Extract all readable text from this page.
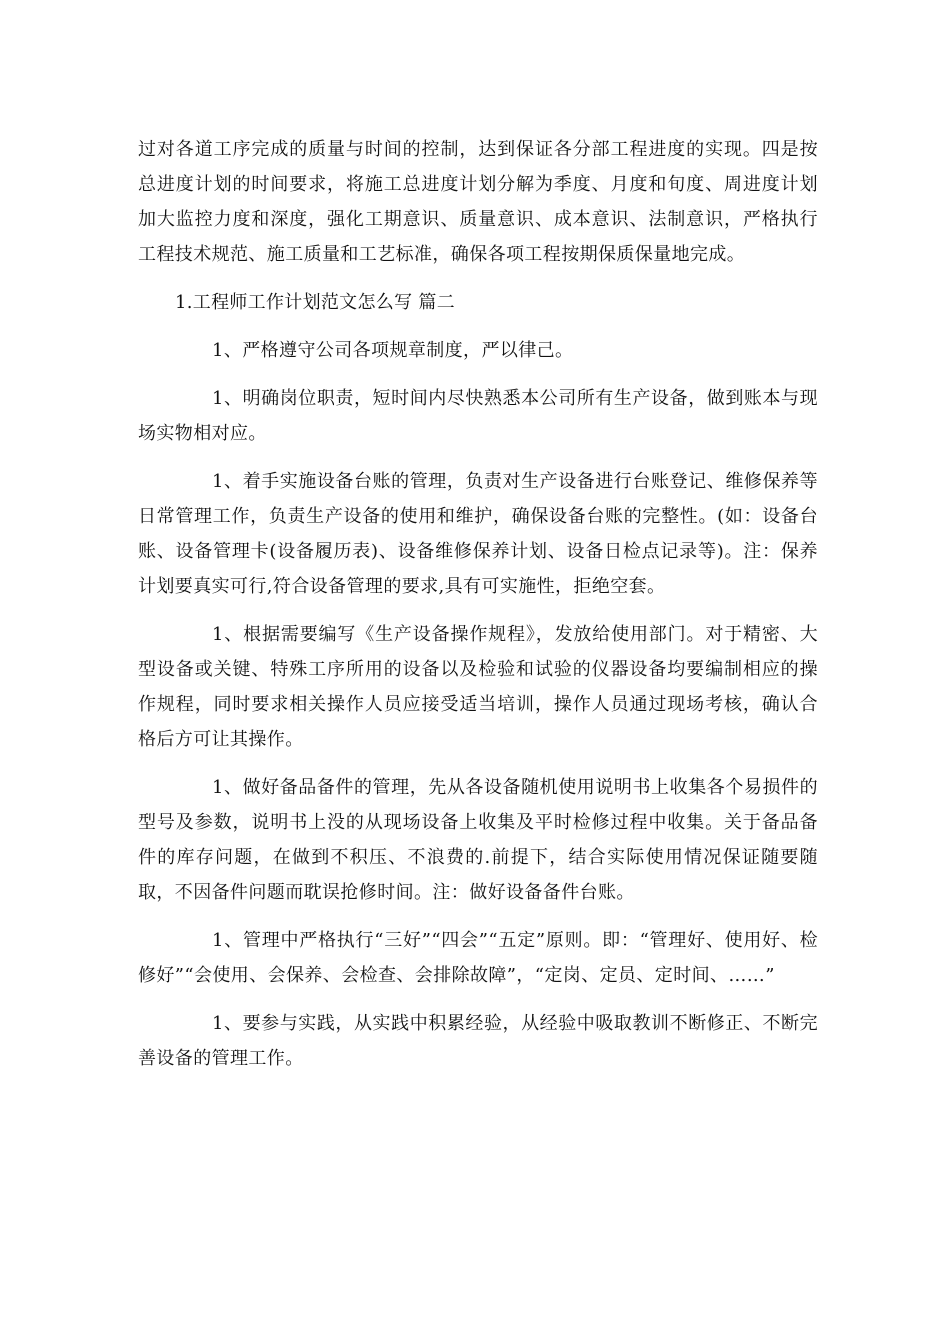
过对各道工序完成的质量与时间的控制，达到保证各分部工程进度的实现。四是按总进度计划的时间要求，将施工总进度计划分解为季度、月度和旬度、周进度计划加大监控力度和深度，强化工期意识、质量意识、成本意识、法制意识，严格执行工程技术规范、施工质量和工艺标准，确保各项工程按期保质保量地完成。

1.工程师工作计划范文怎么写 篇二

1、严格遵守公司各项规章制度，严以律己。

1、明确岗位职责，短时间内尽快熟悉本公司所有生产设备，做到账本与现场实物相对应。

1、着手实施设备台账的管理，负责对生产设备进行台账登记、维修保养等日常管理工作，负责生产设备的使用和维护，确保设备台账的完整性。(如：设备台账、设备管理卡(设备履历表)、设备维修保养计划、设备日检点记录等)。注：保养计划要真实可行,符合设备管理的要求,具有可实施性，拒绝空套。

1、根据需要编写《生产设备操作规程》，发放给使用部门。对于精密、大型设备或关键、特殊工序所用的设备以及检验和试验的仪器设备均要编制相应的操作规程，同时要求相关操作人员应接受适当培训，操作人员通过现场考核，确认合格后方可让其操作。

1、做好备品备件的管理，先从各设备随机使用说明书上收集各个易损件的型号及参数，说明书上没的从现场设备上收集及平时检修过程中收集。关于备品备件的库存问题，在做到不积压、不浪费的.前提下，结合实际使用情况保证随要随取，不因备件问题而耽误抢修时间。注：做好设备备件台账。

1、管理中严格执行“三好”“四会”“五定”原则。即：“管理好、使用好、检修好”“会使用、会保养、会检查、会排除故障”，“定岗、定员、定时间、……”

1、要参与实践，从实践中积累经验，从经验中吸取教训不断修正、不断完善设备的管理工作。
